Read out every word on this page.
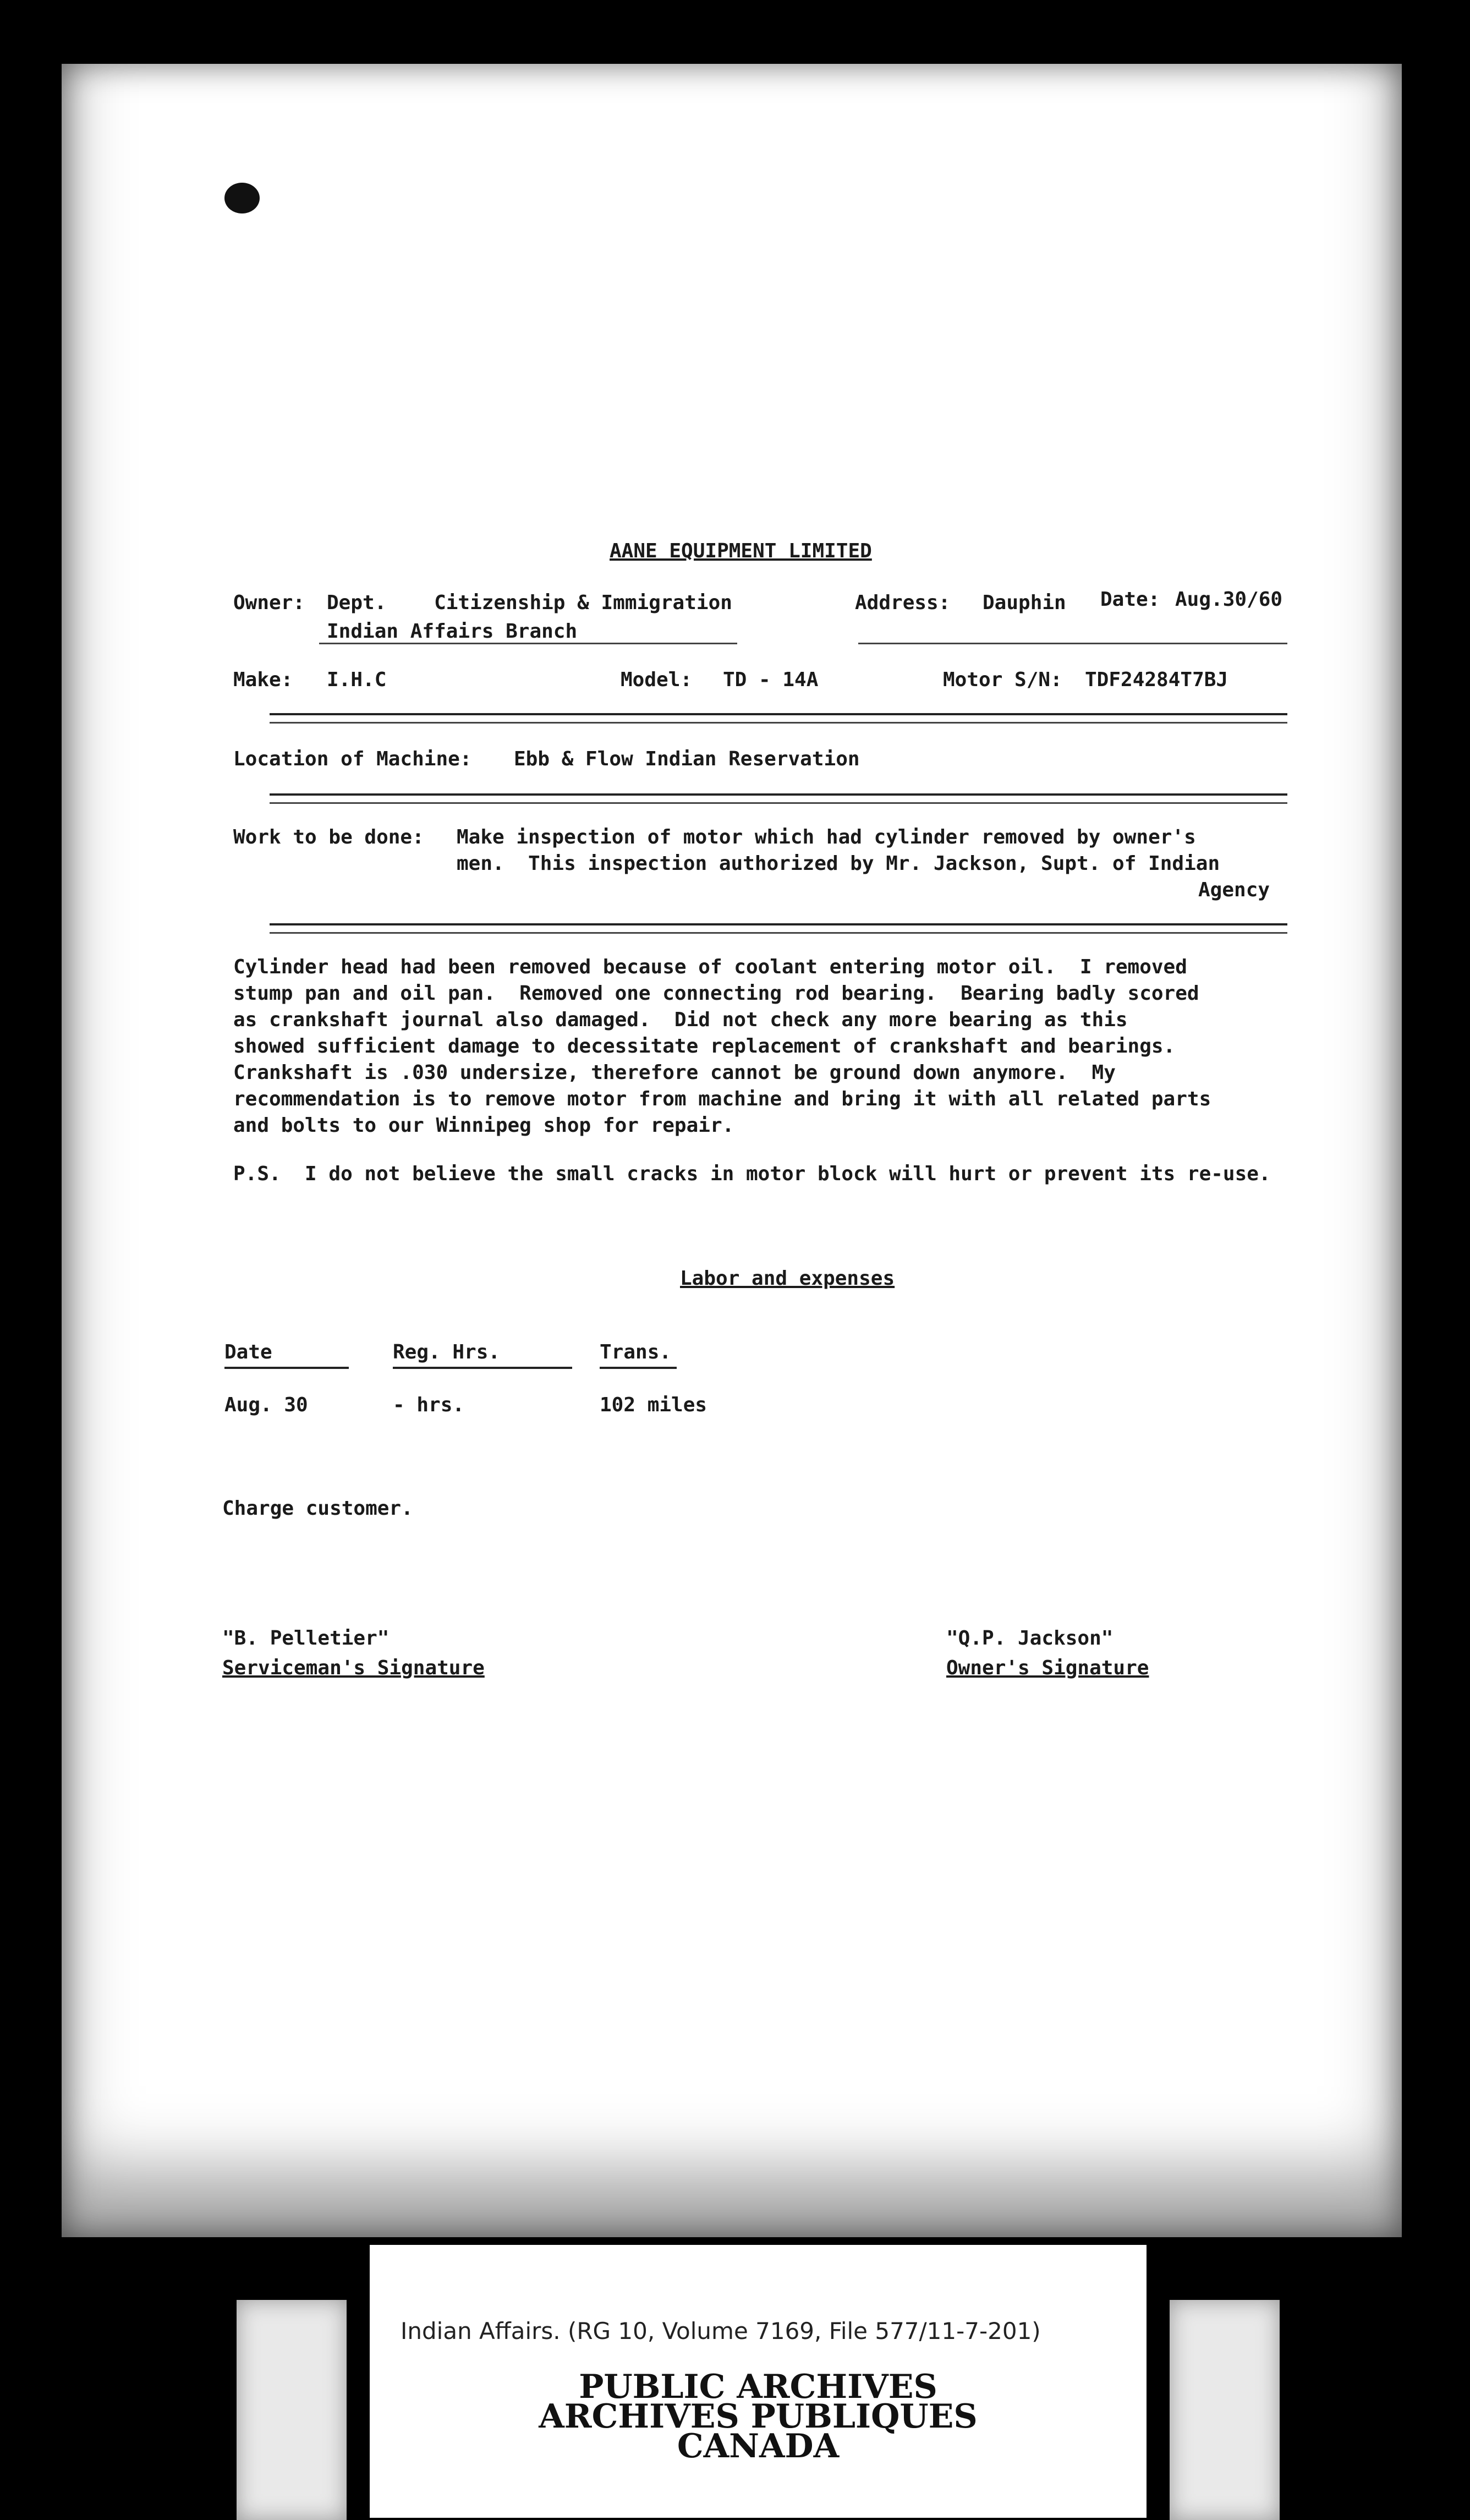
AANE EQUIPMENT LIMITED

Owner: Dept.    Citizenship & Immigration

Indian Affairs Branch

Address: Dauphin Date: Aug.30/60

Make: I.H.C	Model: TD - 14A	Motor S/N: TDF24284T7BJ

Location of Machine: Ebb & Flow Indian Reservation

Work to be done: Make inspection of motor which had cylinder removed by owner's

men.  This inspection authorized by Mr. Jackson, Supt. of Indian

Agency

Cylinder head had been removed because of coolant entering motor oil.  I removed

stump pan and oil pan.  Removed one connecting rod bearing.  Bearing badly scored

as crankshaft journal also damaged.  Did not check any more bearing as this

showed sufficient damage to decessitate replacement of crankshaft and bearings.

Crankshaft is .030 undersize, therefore cannot be ground down anymore.  My

recommendation is to remove motor from machine and bring it with all related parts

and bolts to our Winnipeg shop for repair.

P.S.  I do not believe the small cracks in motor block will hurt or prevent its re-use.

Labor and expenses

Date	Reg. Hrs.	Trans.

Aug. 30	- hrs.	102 miles

Charge customer.

"B. Pelletier"

Serviceman's Signature

"Q.P. Jackson"

Owner's Signature

Indian Affairs. (RG 10, Volume 7169, File 577/11-7-201)

PUBLIC ARCHIVES

ARCHIVES PUBLIQUES

CANADA
